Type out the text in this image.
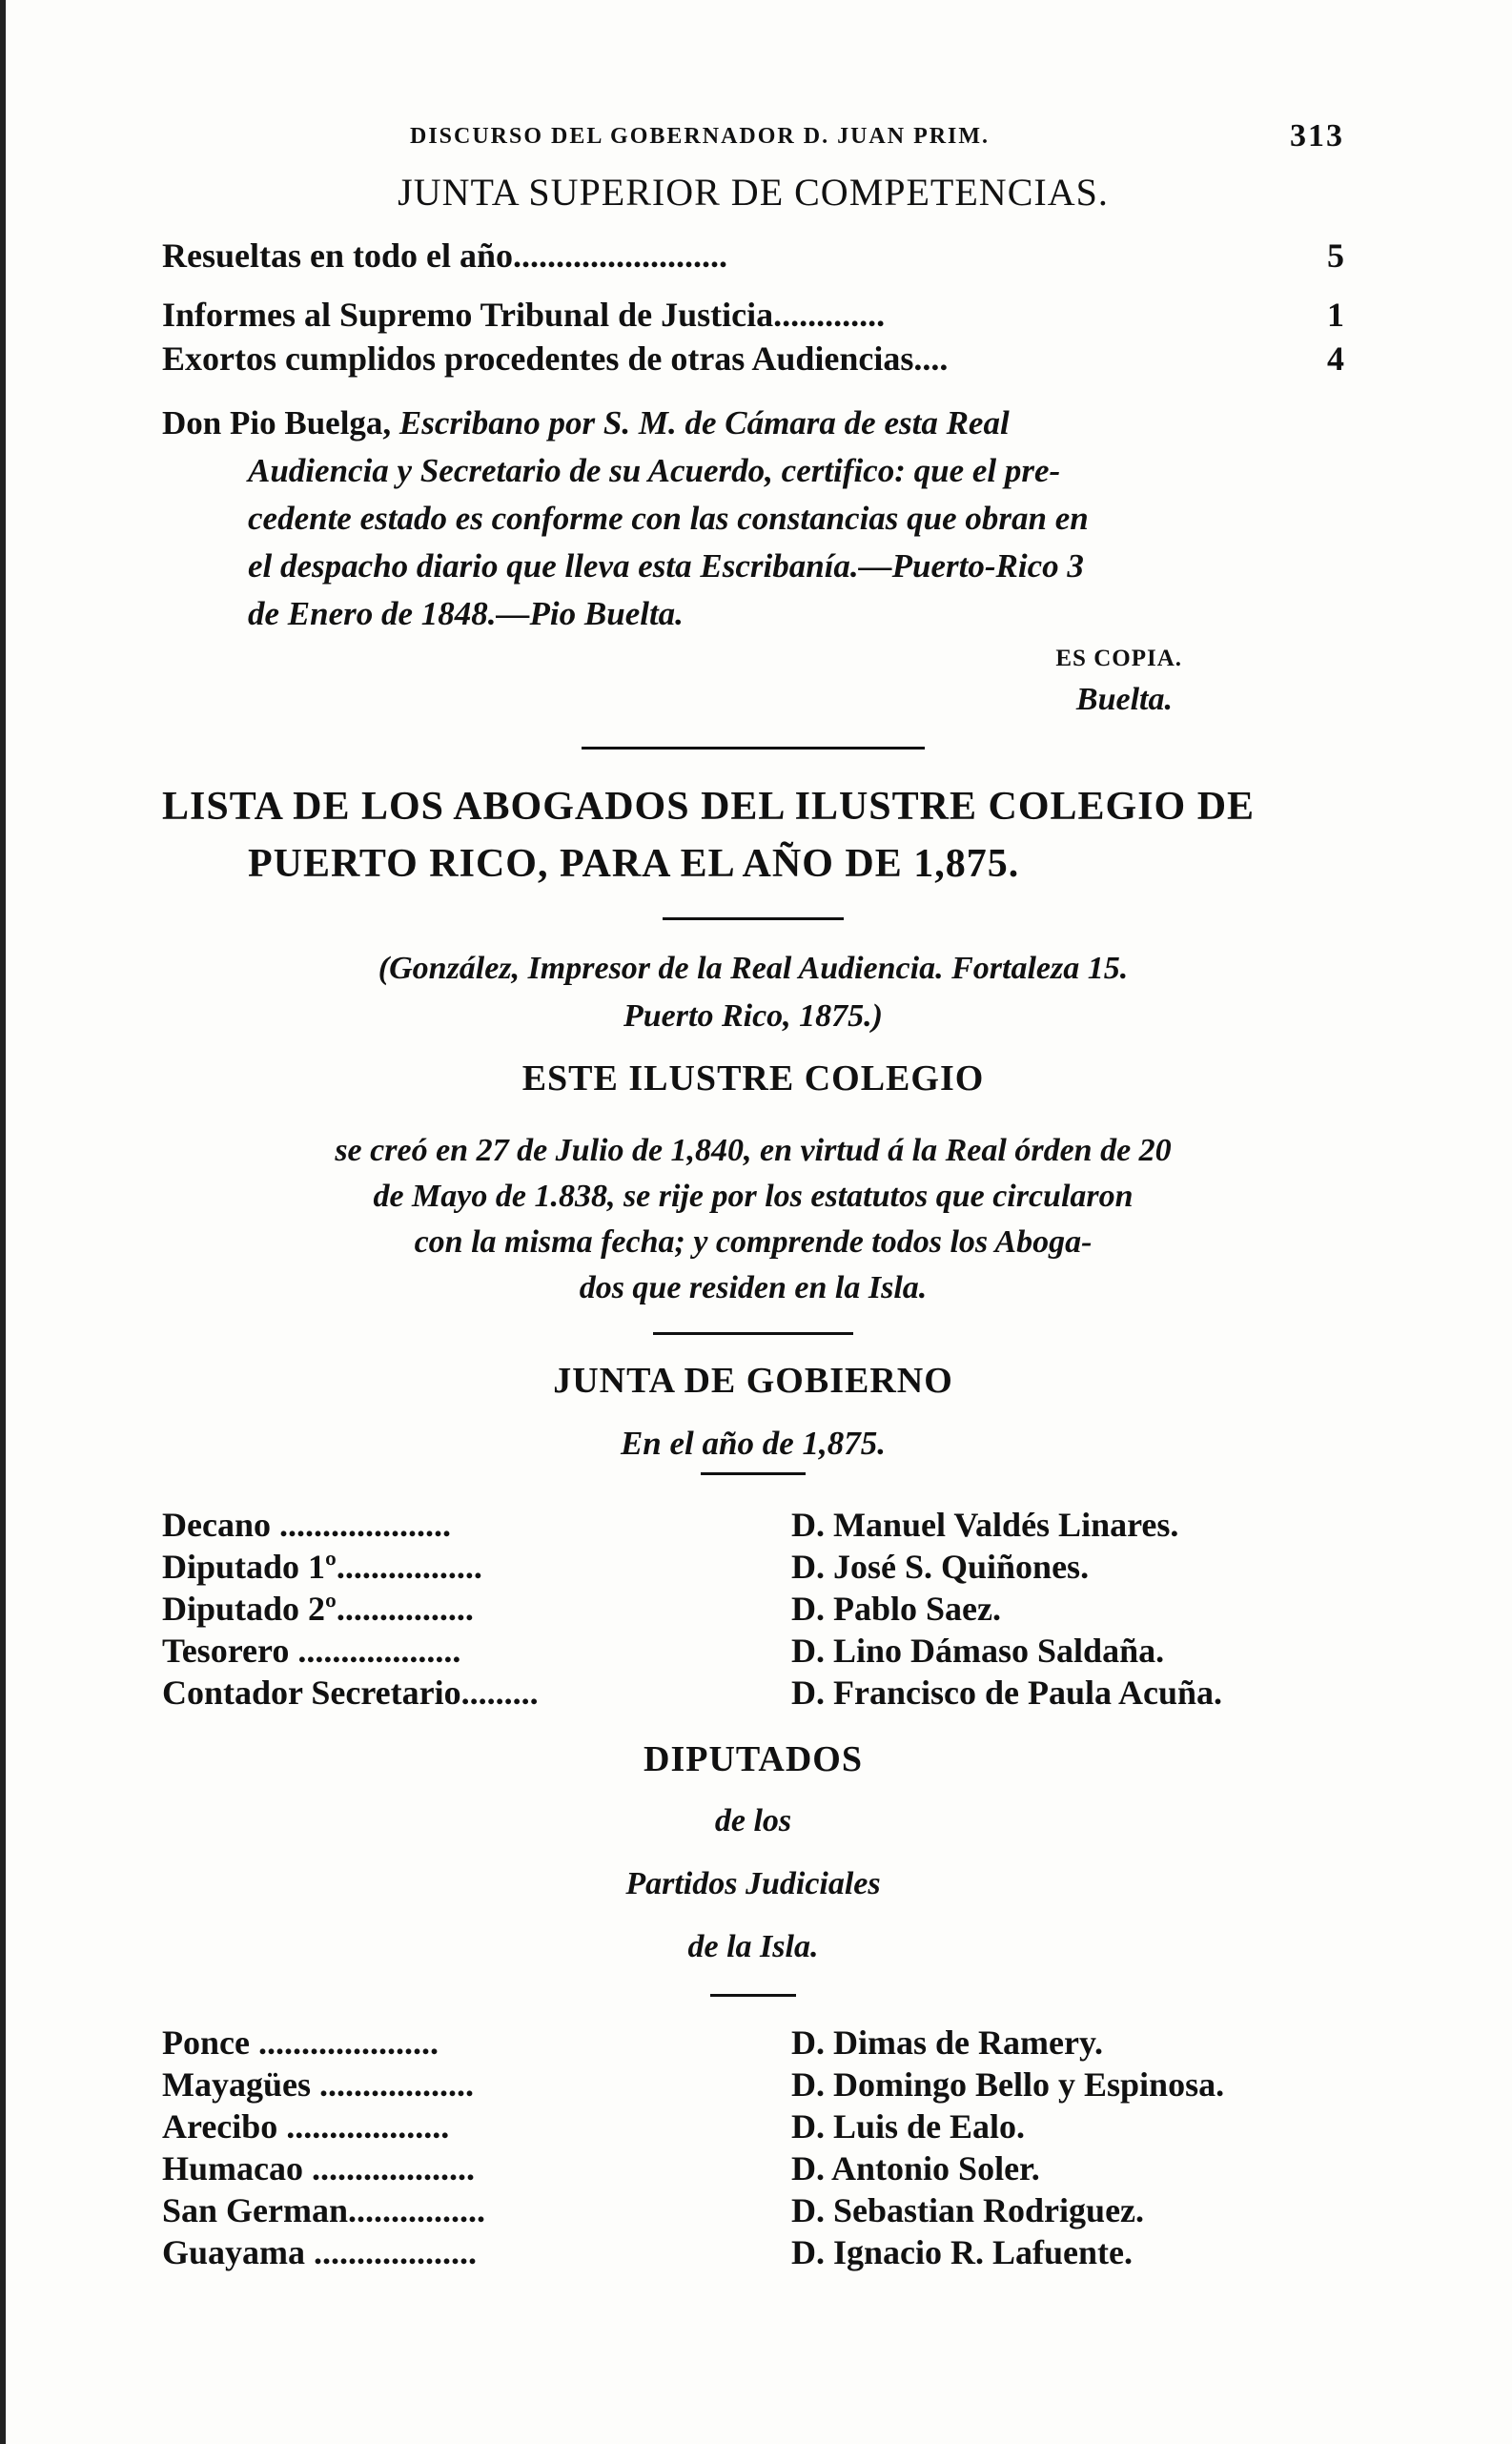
DISCURSO DEL GOBERNADOR D. JUAN PRIM.	313
JUNTA SUPERIOR DE COMPETENCIAS.
Resueltas en todo el año.........................	5
Informes al Supremo Tribunal de Justicia.............	1
Exortos cumplidos procedentes de otras Audiencias....	4
Don Pio Buelga, Escribano por S. M. de Cámara de esta Real
Audiencia y Secretario de su Acuerdo, certifico: que el pre-
cedente estado es conforme con las constancias que obran en
el despacho diario que lleva esta Escribanía.—Puerto-Rico 3
de Enero de 1848.—Pio Buelta.
ES COPIA.
Buelta.
LISTA DE LOS ABOGADOS DEL ILUSTRE COLEGIO DE
PUERTO RICO, PARA EL AÑO DE 1,875.
(González, Impresor de la Real Audiencia. Fortaleza 15.
Puerto Rico, 1875.)
ESTE ILUSTRE COLEGIO
se creó en 27 de Julio de 1,840, en virtud á la Real órden de 20
de Mayo de 1.838, se rije por los estatutos que circularon
con la misma fecha; y comprende todos los Aboga-
dos que residen en la Isla.
JUNTA DE GOBIERNO
En el año de 1,875.
Decano ....................	D. Manuel Valdés Linares.
Diputado 1º.................	D. José S. Quiñones.
Diputado 2º................	D. Pablo Saez.
Tesorero ...................	D. Lino Dámaso Saldaña.
Contador Secretario.........	D. Francisco de Paula Acuña.
DIPUTADOS
de los
Partidos Judiciales
de la Isla.
Ponce .....................	D. Dimas de Ramery.
Mayagües ..................	D. Domingo Bello y Espinosa.
Arecibo ...................	D. Luis de Ealo.
Humacao ...................	D. Antonio Soler.
San German................	D. Sebastian Rodriguez.
Guayama ...................	D. Ignacio R. Lafuente.
